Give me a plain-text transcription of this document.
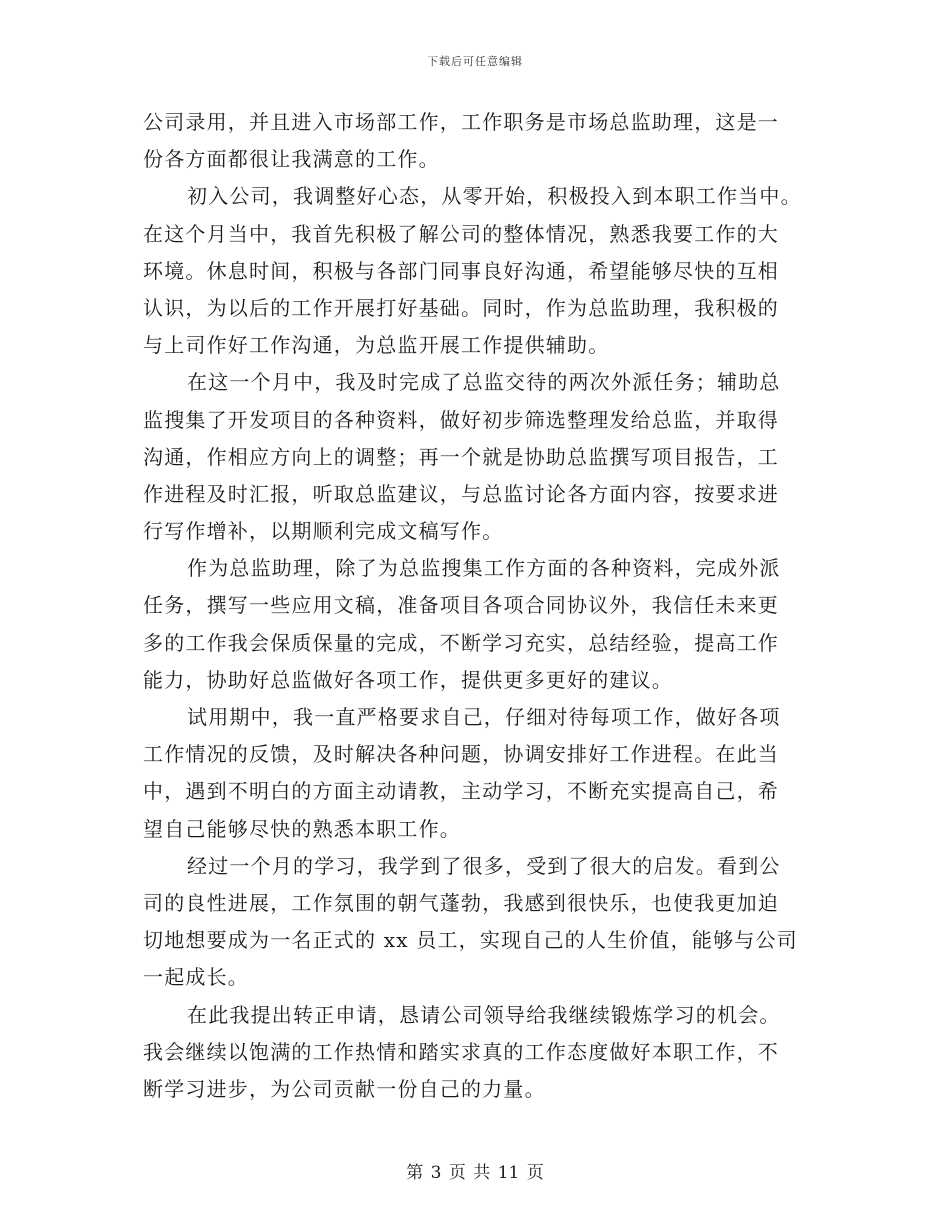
下载后可任意编辑
公司录用，并且进入市场部工作，工作职务是市场总监助理，这是一
份各方面都很让我满意的工作。
初入公司，我调整好心态，从零开始，积极投入到本职工作当中。
在这个月当中，我首先积极了解公司的整体情况，熟悉我要工作的大
环境。休息时间，积极与各部门同事良好沟通，希望能够尽快的互相
认识，为以后的工作开展打好基础。同时，作为总监助理，我积极的
与上司作好工作沟通，为总监开展工作提供辅助。
在这一个月中，我及时完成了总监交待的两次外派任务；辅助总
监搜集了开发项目的各种资料，做好初步筛选整理发给总监，并取得
沟通，作相应方向上的调整；再一个就是协助总监撰写项目报告，工
作进程及时汇报，听取总监建议，与总监讨论各方面内容，按要求进
行写作增补，以期顺利完成文稿写作。
作为总监助理，除了为总监搜集工作方面的各种资料，完成外派
任务，撰写一些应用文稿，准备项目各项合同协议外，我信任未来更
多的工作我会保质保量的完成，不断学习充实，总结经验，提高工作
能力，协助好总监做好各项工作，提供更多更好的建议。
试用期中，我一直严格要求自己，仔细对待每项工作，做好各项
工作情况的反馈，及时解决各种问题，协调安排好工作进程。在此当
中，遇到不明白的方面主动请教，主动学习，不断充实提高自己，希
望自己能够尽快的熟悉本职工作。
经过一个月的学习，我学到了很多，受到了很大的启发。看到公
司的良性进展，工作氛围的朝气蓬勃，我感到很快乐，也使我更加迫
切地想要成为一名正式的 xx 员工，实现自己的人生价值，能够与公司
一起成长。
在此我提出转正申请，恳请公司领导给我继续锻炼学习的机会。
我会继续以饱满的工作热情和踏实求真的工作态度做好本职工作，不
断学习进步，为公司贡献一份自己的力量。
第 3 页 共 11 页
